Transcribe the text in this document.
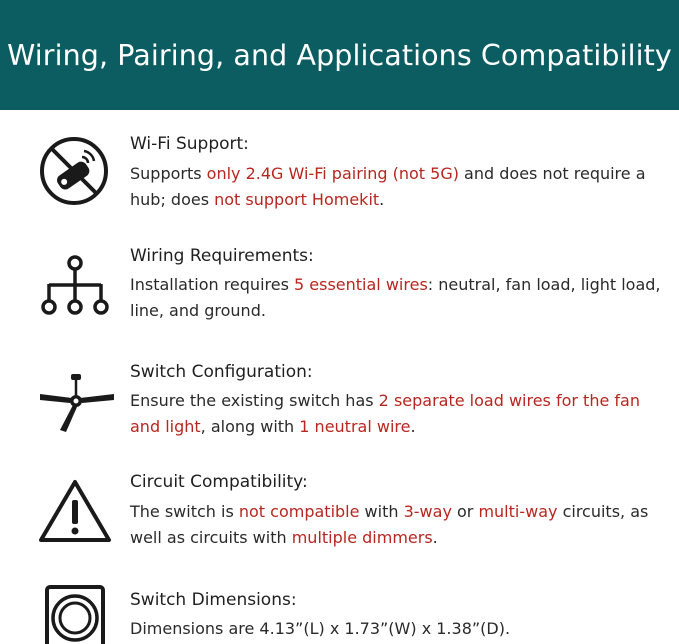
Wiring, Pairing, and Applications Compatibility
Wi-Fi Support:

Supports only 2.4G Wi-Fi pairing (not 5G) and does not require a hub; does not support Homekit.

Wiring Requirements:

Installation requires 5 essential wires: neutral, fan load, light load, line, and ground.

Switch Configuration:

Ensure the existing switch has 2 separate load wires for the fan and light, along with 1 neutral wire.

Circuit Compatibility:

The switch is not compatible with 3-way or multi-way circuits, as well as circuits with multiple dimmers.

Switch Dimensions:

Dimensions are 4.13”(L) x 1.73”(W) x 1.38”(D).
